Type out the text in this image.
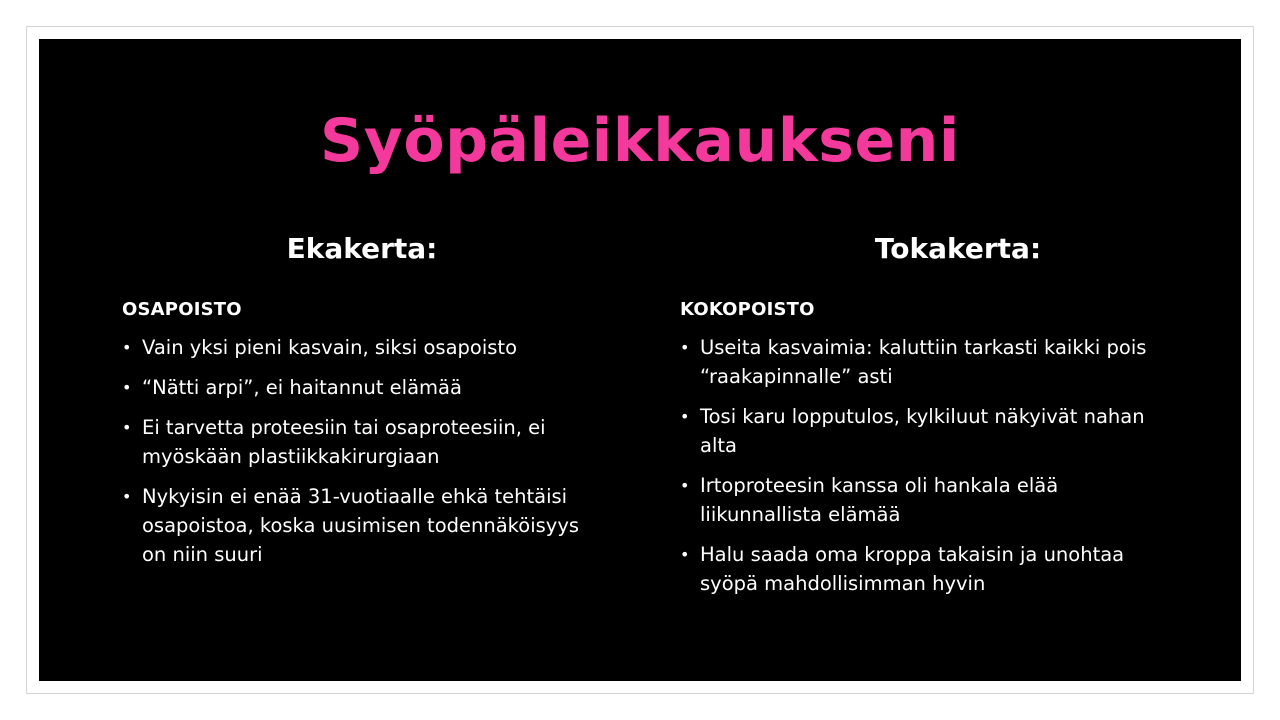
Syöpäleikkaukseni
Ekakerta:
OSAPOISTO
• Vain yksi pieni kasvain, siksi osapoisto
• “Nätti arpi”, ei haitannut elämää
• Ei tarvetta proteesiin tai osaproteesiin, ei myöskään plastiikkakirurgiaan
• Nykyisin ei enää 31-vuotiaalle ehkä tehtäisi osapoistoa, koska uusimisen todennäköisyys on niin suuri
Tokakerta:
KOKOPOISTO
• Useita kasvaimia: kaluttiin tarkasti kaikki pois “raakapinnalle” asti
• Tosi karu lopputulos, kylkiluut näkyivät nahan alta
• Irtoproteesin kanssa oli hankala elää liikunnallista elämää
• Halu saada oma kroppa takaisin ja unohtaa syöpä mahdollisimman hyvin
